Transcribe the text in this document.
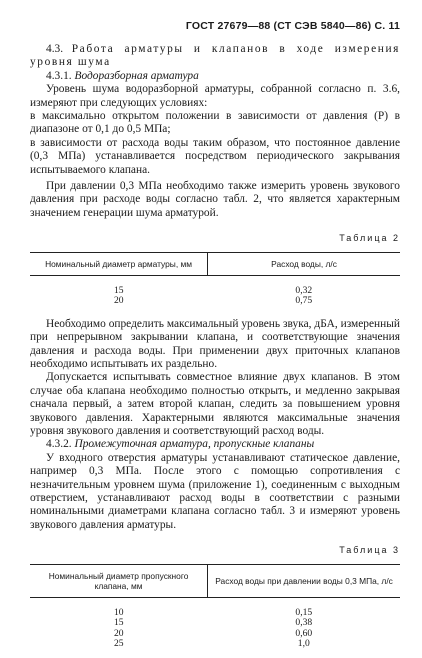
ГОСТ 27679—88 (СТ СЭВ 5840—86) С. 11

4.3. Работа арматуры и клапанов в ходе измерения уровня шума

4.3.1. Водоразборная арматура

Уровень шума водоразборной арматуры, собранной согласно п. 3.6, измеряют при следующих условиях:

в максимально открытом положении в зависимости от давления (Р) в диапазоне от 0,1 до 0,5 МПа;

в зависимости от расхода воды таким образом, что постоянное давление (0,3 МПа) устанавливается посредством периодического закрывания испытываемого клапана.

При давлении 0,3 МПа необходимо также измерить уровень звукового давления при расходе воды согласно табл. 2, что является характерным значением генерации шума арматурой.

Таблица 2

Номинальный диаметр арматуры, мм	Расход воды, л/с
15	0,32
20	0,75

Необходимо определить максимальный уровень звука, дБА, измеренный при непрерывном закрывании клапана, и соответствующие значения давления и расхода воды. При применении двух приточных клапанов необходимо испытывать их раздельно.

Допускается испытывать совместное влияние двух клапанов. В этом случае оба клапана необходимо полностью открыть, и медленно закрывая сначала первый, а затем второй клапан, следить за повышением уровня звукового давления. Характерными являются максимальные значения уровня звукового давления и соответствующий расход воды.

4.3.2. Промежуточная арматура, пропускные клапаны

У входного отверстия арматуры устанавливают статическое давление, например 0,3 МПа. После этого с помощью сопротивления с незначительным уровнем шума (приложение 1), соединенным с выходным отверстием, устанавливают расход воды в соответствии с разными номинальными диаметрами клапана согласно табл. 3 и измеряют уровень звукового давления арматуры.

Таблица 3

Номинальный диаметр пропускного клапана, мм	Расход воды при давлении воды 0,3 МПа, л/с
10	0,15
15	0,38
20	0,60
25	1,0
